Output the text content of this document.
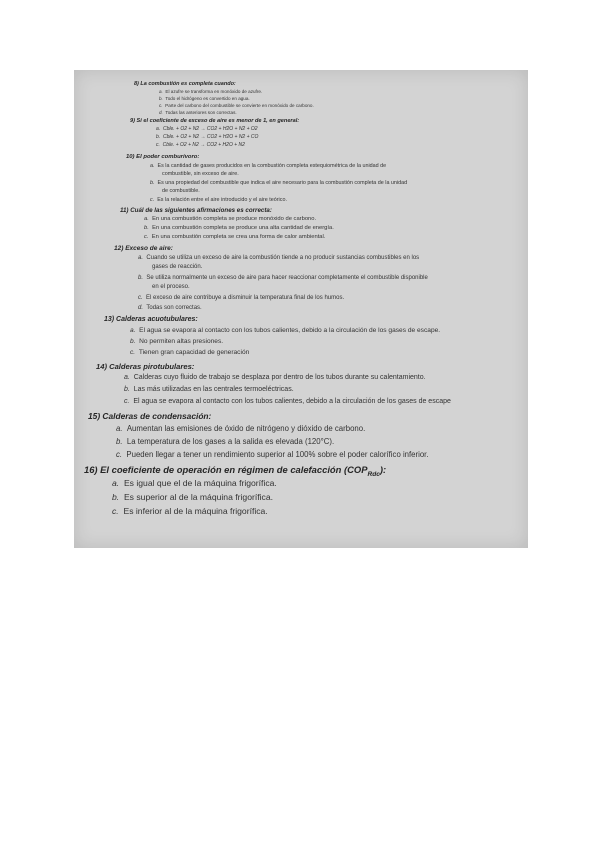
8) La combustión es completa cuando:
a. El azufre se transforma en monóxido de azufre.
b. Todo el hidrógeno es convertido en agua.
c. Parte del carbono del combustible se convierte en monóxido de carbono.
d. Todas las anteriores son correctas.
9) Si el coeficiente de exceso de aire es menor de 1, en general:
a. Cble. + O2 + N2 → CO2 + H2O + N2 + O2
b. Cble. + O2 + N2 → CO2 + H2O + N2 + CO
c. Cble. + O2 + N2 → CO2 + H2O + N2
10) El poder comburívoro:
a. Es la cantidad de gases producidos en la combustión completa estequiométrica de la unidad de
combustible, sin exceso de aire.
b. Es una propiedad del combustible que indica el aire necesario para la combustión completa de la unidad
de combustible.
c. Es la relación entre el aire introducido y el aire teórico.
11) Cuál de las siguientes afirmaciones es correcta:
a. En una combustión completa se produce monóxido de carbono.
b. En una combustión completa se produce una alta cantidad de energía.
c. En una combustión completa se crea una forma de calor ambiental.
12) Exceso de aire:
a. Cuando se utiliza un exceso de aire la combustión tiende a no producir sustancias combustibles en los
gases de reacción.
b. Se utiliza normalmente un exceso de aire para hacer reaccionar completamente el combustible disponible
en el proceso.
c. El exceso de aire contribuye a disminuir la temperatura final de los humos.
d. Todas son correctas.
13) Calderas acuotubulares:
a. El agua se evapora al contacto con los tubos calientes, debido a la circulación de los gases de escape.
b. No permiten altas presiones.
c. Tienen gran capacidad de generación
14) Calderas pirotubulares:
a. Calderas cuyo fluido de trabajo se desplaza por dentro de los tubos durante su calentamiento.
b. Las más utilizadas en las centrales termoeléctricas.
c. El agua se evapora al contacto con los tubos calientes, debido a la circulación de los gases de escape
15) Calderas de condensación:
a. Aumentan las emisiones de óxido de nitrógeno y dióxido de carbono.
b. La temperatura de los gases a la salida es elevada (120°C).
c. Pueden llegar a tener un rendimiento superior al 100% sobre el poder calorífico inferior.
16) El coeficiente de operación en régimen de calefacción $(COP_{Rdc})$:
a. Es igual que el de la máquina frigorífica.
b. Es superior al de la máquina frigorífica.
c. Es inferior al de la máquina frigorífica.
